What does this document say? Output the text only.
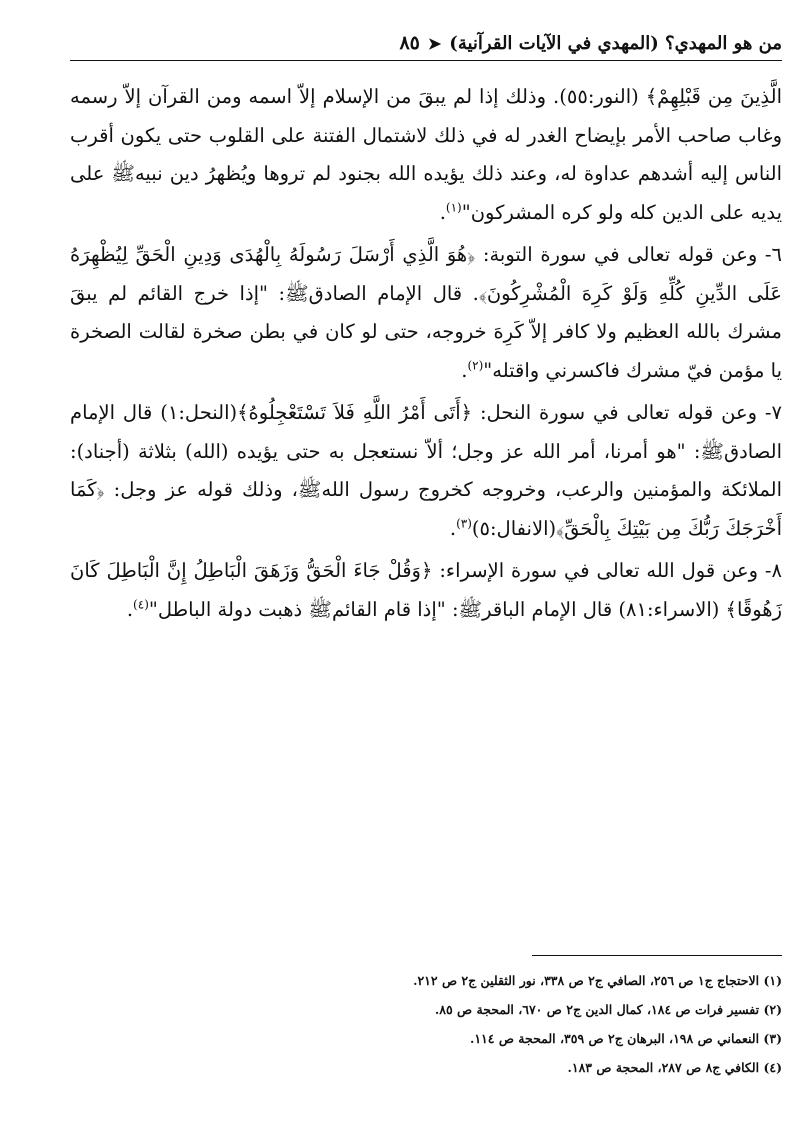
من هو المهدي؟ (المهدي في الآيات القرآنية)
➤
٨٥

الَّذِينَ مِن قَبْلِهِمْ﴾ (النور:٥٥). وذلك إذا لم يبقَ من الإسلام إلاّ اسمه ومن القرآن إلاّ رسمه وغاب صاحب الأمر بإيضاح الغدر له في ذلك لاشتمال الفتنة على القلوب حتى يكون أقرب الناس إليه أشدهم عداوة له، وعند ذلك يؤيده الله بجنود لم تروها ويُظهرُ دين نبيهﷺ على يديه على الدين كله ولو كره المشركون"$^{(١)}$.

٦- وعن قوله تعالى في سورة التوبة: ﴿هُوَ الَّذِي أَرْسَلَ رَسُولَهُ بِالْهُدَى وَدِينِ الْحَقِّ لِيُظْهِرَهُ عَلَى الدِّينِ كُلِّهِ وَلَوْ كَرِهَ الْمُشْرِكُونَ﴾. قال الإمام الصادقﷺ: "إذا خرج القائم لم يبقَ مشرك بالله العظيم ولا كافر إلاّ كَرِهَ خروجه، حتى لو كان في بطن صخرة لقالت الصخرة يا مؤمن فيّ مشرك فاكسرني واقتله"$^{(٢)}$.

٧- وعن قوله تعالى في سورة النحل: ﴿أَتَى أَمْرُ اللَّهِ فَلاَ تَسْتَعْجِلُوهُ﴾(النحل:١) قال الإمام الصادقﷺ: "هو أمرنا، أمر الله عز وجل؛ ألاّ نستعجل به حتى يؤيده (الله) بثلاثة (أجناد): الملائكة والمؤمنين والرعب، وخروجه كخروج رسول اللهﷺ، وذلك قوله عز وجل: ﴿كَمَا أَخْرَجَكَ رَبُّكَ مِن بَيْتِكَ بِالْحَقِّ﴾(الانفال:٥)$^{(٣)}$.

٨- وعن قول الله تعالى في سورة الإسراء: ﴿وَقُلْ جَاءَ الْحَقُّ وَزَهَقَ الْبَاطِلُ إِنَّ الْبَاطِلَ كَانَ زَهُوقًا﴾ (الاسراء:٨١) قال الإمام الباقرﷺ: "إذا قام القائمﷺ ذهبت دولة الباطل"$^{(٤)}$.

(١) الاحتجاج ج١ ص ٢٥٦، الصافي ج٢ ص ٣٣٨، نور الثقلين ج٢ ص ٢١٢.
(٢) تفسير فرات ص ١٨٤، كمال الدين ج٢ ص ٦٧٠، المحجة ص ٨٥.
(٣) النعماني ص ١٩٨، البرهان ج٢ ص ٣٥٩، المحجة ص ١١٤.
(٤) الكافي ج٨ ص ٢٨٧، المحجة ص ١٨٣.
